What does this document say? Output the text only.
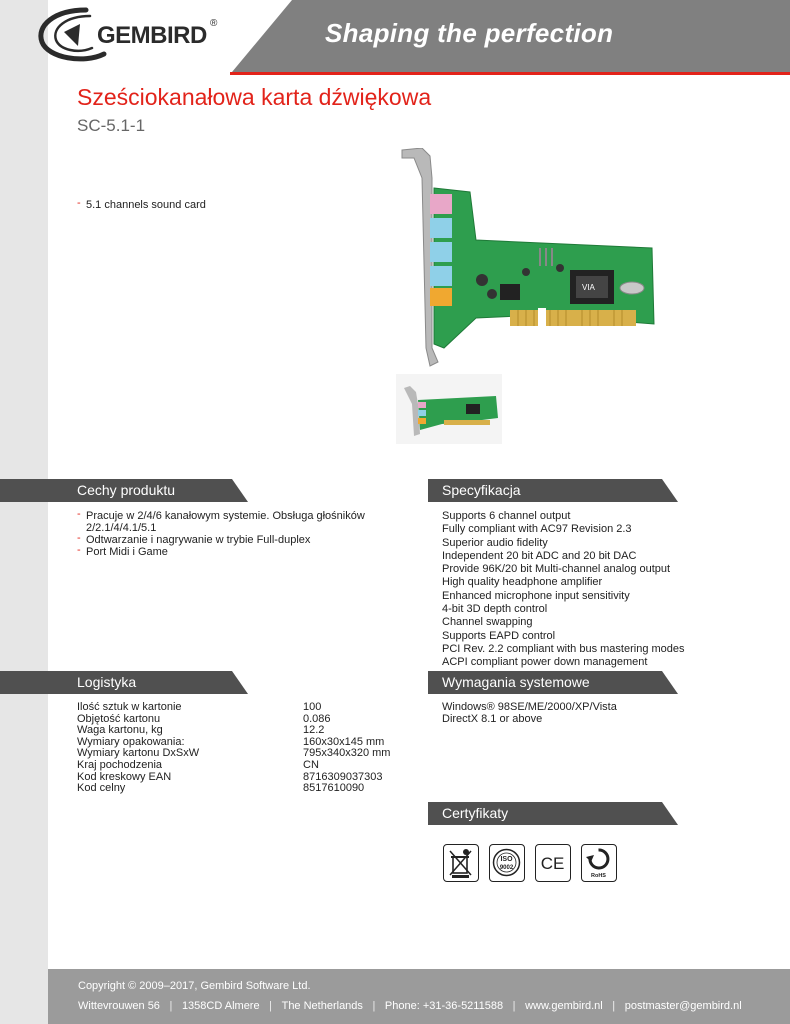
Shaping the perfection
GEMBIRD ®
Sześciokanałowa karta dźwiękowa
SC-5.1-1
- 5.1 channels sound card
VIA
Cechy produktu	Specyfikacja
Logistyka	Wymagania systemowe
Certyfikaty
- Pracuje w 2/4/6 kanałowym systemie. Obsługa głośników 2/2.1/4/4.1/5.1
- Odtwarzanie i nagrywanie w trybie Full-duplex
- Port Midi i Game
Supports 6 channel output
Fully compliant with AC97 Revision 2.3
Superior audio fidelity
Independent 20 bit ADC and 20 bit DAC
Provide 96K/20 bit Multi-channel analog output
High quality headphone amplifier
Enhanced microphone input sensitivity
4-bit 3D depth control
Channel swapping
Supports EAPD control
PCI Rev. 2.2 compliant with bus mastering modes
ACPI compliant power down management
Ilość sztuk w kartonie	100
Objętość kartonu	0.086
Waga kartonu, kg	12.2
Wymiary opakowania:	160x30x145 mm
Wymiary kartonu DxSxW	795x340x320 mm
Kraj pochodzenia	CN
Kod kreskowy EAN	8716309037303
Kod celny	8517610090
Windows® 98SE/ME/2000/XP/Vista
DirectX 8.1 or above
ISO
9002 CE
RoHS
Copyright © 2009–2017, Gembird Software Ltd.
Wittevrouwen 56 | 1358CD Almere | The Netherlands | Phone: +31-36-5211588 | www.gembird.nl | postmaster@gembird.nl
